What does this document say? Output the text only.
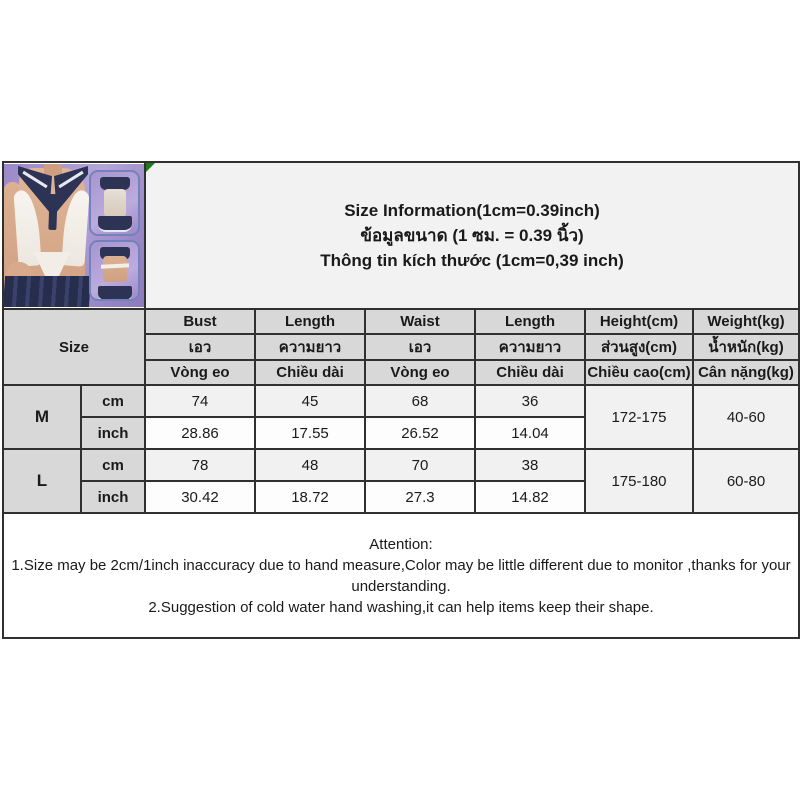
		Size Information(1cm=0.39inch)
ข้อมูลขนาด (1 ซม. = 0.39 นิ้ว)
Thông tin kích thước (1cm=0,39 inch)					

Size		Bust	Length	Waist	Length	Height(cm)	Weight(kg)
		เอว	ความยาว	เอว	ความยาว	ส่วนสูง(cm)	น้ำหนัก(kg)
		Vòng eo	Chiều dài	Vòng eo	Chiều dài	Chiều cao(cm)	Cân nặng(kg)
M	cm	74	45	68	36	172-175	40-60
	inch	28.86	17.55	26.52	14.04		
L	cm	78	48	70	38	175-180	60-80
	inch	30.42	18.72	27.3	14.82		

Attention:
1.Size may be 2cm/1inch inaccuracy due to hand measure,Color may be little different due to monitor ,thanks for your understanding.
2.Suggestion of cold water hand washing,it can help items keep their shape.							
